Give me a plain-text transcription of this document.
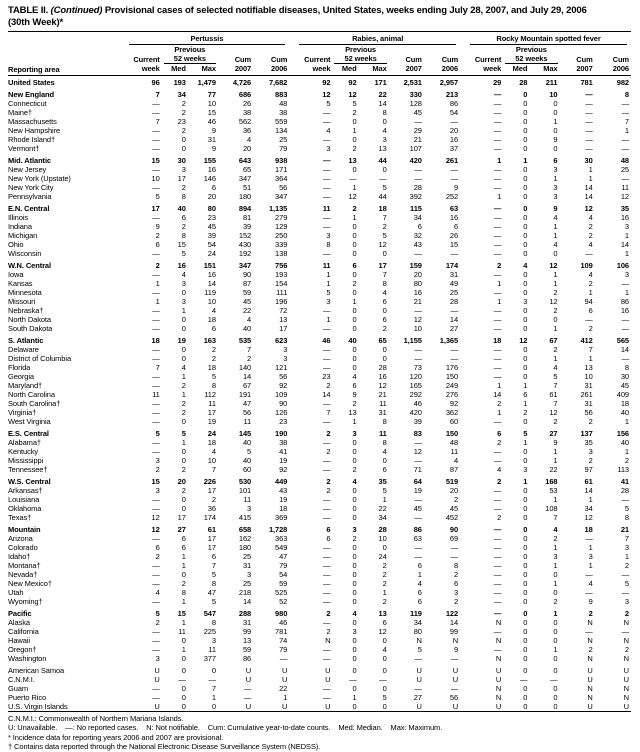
TABLE II. (Continued) Provisional cases of selected notifiable diseases, United States, weeks ending July 28, 2007, and July 29, 2006
(30th Week)*

	Pertussis					Rabies, animal					Rocky Mountain spotted fever				

Reporting area		Previous					Previous					Previous			
	Current	52 weeks		Cum	Cum	Current	52 weeks		Cum	Cum	Current	52 weeks		Cum	Cum
	week	Med	Max	2007	2006	week	Med	Max	2007	2006	week	Med	Max	2007	2006
United States	96	193	1,479	4,726	7,682	92	92	171	2,531	2,957	29	28	211	781	982

New England	7	34	77	686	883	12	12	22	330	213	—	0	10	—	8
Connecticut	—	2	10	26	48	5	5	14	128	86	—	0	0	—	—
Maine†	—	2	15	38	38	—	2	8	45	54	—	0	0	—	—
Massachusetts	7	23	46	562	559	—	0	0	—	—	—	0	1	—	7
New Hampshire	—	2	9	36	134	4	1	4	29	20	—	0	0	—	1
Rhode Island†	—	0	31	4	25	—	0	3	21	16	—	0	9	—	—
Vermont†	—	0	9	20	79	3	2	13	107	37	—	0	0	—	—

Mid. Atlantic	15	30	155	643	938	—	13	44	420	261	1	1	6	30	48
New Jersey	—	3	16	65	171	—	0	0	—	—	—	0	3	1	25
New York (Upstate)	10	17	146	347	364	—	—	—	—	—	—	0	1	1	—
New York City	—	2	6	51	56	—	1	5	28	9	—	0	3	14	11
Pennsylvania	5	8	20	180	347	—	12	44	392	252	1	0	3	14	12

E.N. Central	17	40	80	894	1,135	11	2	18	115	63	—	0	9	12	35
Illinois	—	6	23	81	279	—	1	7	34	16	—	0	4	4	16
Indiana	9	2	45	39	129	—	0	2	6	6	—	0	1	2	3
Michigan	2	8	39	152	250	3	0	5	32	26	—	0	1	2	1
Ohio	6	15	54	430	339	8	0	12	43	15	—	0	4	4	14
Wisconsin	—	5	24	192	138	—	0	0	—	—	—	0	0	—	1

W.N. Central	2	16	151	347	756	11	6	17	159	174	2	4	12	109	106
Iowa	—	4	16	90	193	1	0	7	20	31	—	0	1	4	3
Kansas	1	3	14	87	154	1	2	8	80	49	1	0	1	2	—
Minnesota	—	0	119	59	111	5	0	4	16	25	—	0	2	1	1
Missouri	1	3	10	45	196	3	1	6	21	28	1	3	12	94	86
Nebraska†	—	1	4	22	72	—	0	0	—	—	—	0	2	6	16
North Dakota	—	0	18	4	13	1	0	6	12	14	—	0	0	—	—
South Dakota	—	0	6	40	17	—	0	2	10	27	—	0	1	2	—

S. Atlantic	18	19	163	535	623	46	40	65	1,155	1,365	18	12	67	412	565
Delaware	—	0	2	7	3	—	0	0	—	—	—	0	2	7	14
District of Columbia	—	0	2	2	3	—	0	0	—	—	—	0	1	1	—
Florida	7	4	18	140	121	—	0	28	73	176	—	0	4	13	8
Georgia	—	1	5	14	56	23	4	16	120	150	—	0	5	10	30
Maryland†	—	2	8	67	92	2	6	12	165	249	1	1	7	31	45
North Carolina	11	1	112	191	109	14	9	21	292	276	14	6	61	261	409
South Carolina†	—	2	11	47	90	—	2	11	46	92	2	1	7	31	18
Virginia†	—	2	17	56	126	7	13	31	420	362	1	2	12	56	40
West Virginia	—	0	19	11	23	—	1	8	39	60	—	0	2	2	1

E.S. Central	5	5	24	145	190	2	3	11	83	150	6	5	27	137	156
Alabama†	—	1	18	40	38	—	0	8	—	48	2	1	9	35	40
Kentucky	—	0	4	5	41	2	0	4	12	11	—	0	1	3	1
Mississippi	3	0	10	40	19	—	0	0	—	4	—	0	1	2	2
Tennessee†	2	2	7	60	92	—	2	6	71	87	4	3	22	97	113

W.S. Central	15	20	226	530	449	2	4	35	64	519	2	1	168	61	41
Arkansas†	3	2	17	101	43	2	0	5	19	20	—	0	53	14	28
Louisiana	—	0	2	11	19	—	0	1	—	2	—	0	1	1	—
Oklahoma	—	0	36	3	18	—	0	22	45	45	—	0	108	34	5
Texas†	12	17	174	415	369	—	0	34	—	452	2	0	7	12	8

Mountain	12	27	61	658	1,728	6	3	28	86	90	—	0	4	18	21
Arizona	—	6	17	162	363	6	2	10	63	69	—	0	2	—	7
Colorado	6	6	17	180	549	—	0	0	—	—	—	0	1	1	3
Idaho†	2	1	6	25	47	—	0	24	—	—	—	0	3	3	1
Montana†	—	1	7	31	79	—	0	2	6	8	—	0	1	1	2
Nevada†	—	0	5	3	54	—	0	2	1	2	—	0	0	—	—
New Mexico†	—	2	8	25	59	—	0	2	4	6	—	0	1	4	5
Utah	4	8	47	218	525	—	0	1	6	3	—	0	0	—	—
Wyoming†	—	1	5	14	52	—	0	2	6	2	—	0	2	9	3

Pacific	5	15	547	288	980	2	4	13	119	122	—	0	1	2	2
Alaska	2	1	8	31	46	—	0	6	34	14	N	0	0	N	N
California	—	11	225	99	781	2	3	12	80	99	—	0	0	—	—
Hawaii	—	0	3	13	74	N	0	0	N	N	N	0	0	N	N
Oregon†	—	1	11	59	79	—	0	4	5	9	—	0	1	2	2
Washington	3	0	377	86	—	—	0	0	—	—	N	0	0	N	N

American Samoa	U	0	0	U	U	U	0	0	U	U	U	0	0	U	U
C.N.M.I.	U	—	—	U	U	U	—	—	U	U	U	—	—	U	U
Guam	—	0	7	—	22	—	0	0	—	—	N	0	0	N	N
Puerto Rico	—	0	1	—	1	—	1	5	27	56	N	0	0	N	N
U.S. Virgin Islands	U	0	0	U	U	U	0	0	U	U	U	0	0	U	U
C.N.M.I.: Commonwealth of Northern Mariana Islands.
U: Unavailable.    —: No reported cases.    N: Not notifiable.    Cum: Cumulative year-to-date counts.    Med: Median.    Max: Maximum.
* Incidence data for reporting years 2006 and 2007 are provisional.
† Contains data reported through the National Electronic Disease Surveillance System (NEDSS).
